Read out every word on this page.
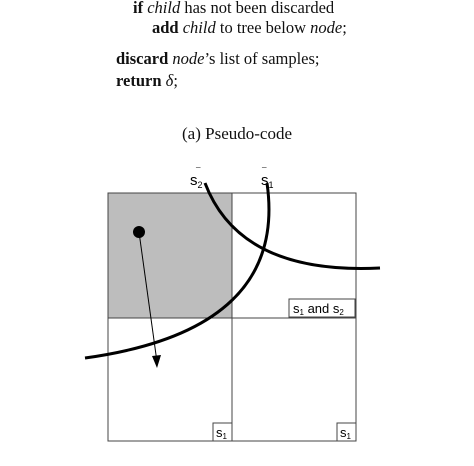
if child has not been discarded
add child to tree below node;
discard node’s list of samples;
return δ;
(a) Pseudo-code
$s_2$	$s_1$
–	–
s1 and s2
s1	s1
